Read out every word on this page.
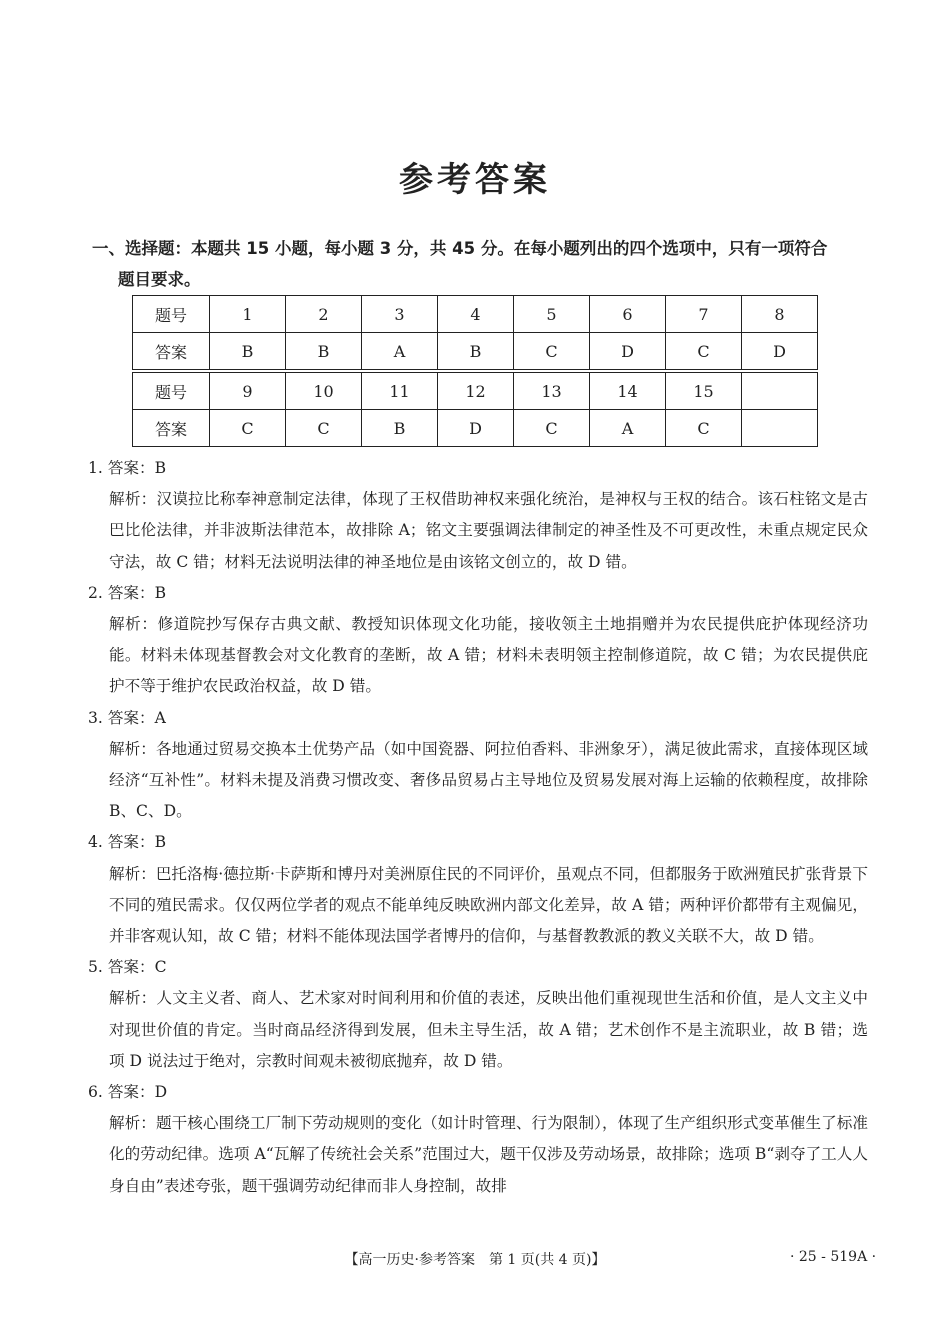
参考答案
一、选择题：本题共 15 小题，每小题 3 分，共 45 分。在每小题列出的四个选项中，只有一项符合
题目要求。
题号	1	2	3	4	5	6	7	8
答案	B	B	A	B	C	D	C	D
题号	9	10	11	12	13	14	15	
答案	C	C	B	D	C	A	C	

1. 答案：B

解析：汉谟拉比称奉神意制定法律，体现了王权借助神权来强化统治，是神权与王权的结合。该石柱铭文是古巴比伦法律，并非波斯法律范本，故排除 A；铭文主要强调法律制定的神圣性及不可更改性，未重点规定民众守法，故 C 错；材料无法说明法律的神圣地位是由该铭文创立的，故 D 错。

2. 答案：B

解析：修道院抄写保存古典文献、教授知识体现文化功能，接收领主土地捐赠并为农民提供庇护体现经济功能。材料未体现基督教会对文化教育的垄断，故 A 错；材料未表明领主控制修道院，故 C 错；为农民提供庇护不等于维护农民政治权益，故 D 错。

3. 答案：A

解析：各地通过贸易交换本土优势产品（如中国瓷器、阿拉伯香料、非洲象牙），满足彼此需求，直接体现区域经济“互补性”。材料未提及消费习惯改变、奢侈品贸易占主导地位及贸易发展对海上运输的依赖程度，故排除 B、C、D。

4. 答案：B

解析：巴托洛梅·德拉斯·卡萨斯和博丹对美洲原住民的不同评价，虽观点不同，但都服务于欧洲殖民扩张背景下不同的殖民需求。仅仅两位学者的观点不能单纯反映欧洲内部文化差异，故 A 错；两种评价都带有主观偏见，并非客观认知，故 C 错；材料不能体现法国学者博丹的信仰，与基督教教派的教义关联不大，故 D 错。

5. 答案：C

解析：人文主义者、商人、艺术家对时间利用和价值的表述，反映出他们重视现世生活和价值，是人文主义中对现世价值的肯定。当时商品经济得到发展，但未主导生活，故 A 错；艺术创作不是主流职业，故 B 错；选项 D 说法过于绝对，宗教时间观未被彻底抛弃，故 D 错。

6. 答案：D

解析：题干核心围绕工厂制下劳动规则的变化（如计时管理、行为限制），体现了生产组织形式变革催生了标准化的劳动纪律。选项 A“瓦解了传统社会关系”范围过大，题干仅涉及劳动场景，故排除；选项 B“剥夺了工人人身自由”表述夸张，题干强调劳动纪律而非人身控制，故排

【高一历史·参考答案　第 1 页(共 4 页)】	· 25 - 519A ·
